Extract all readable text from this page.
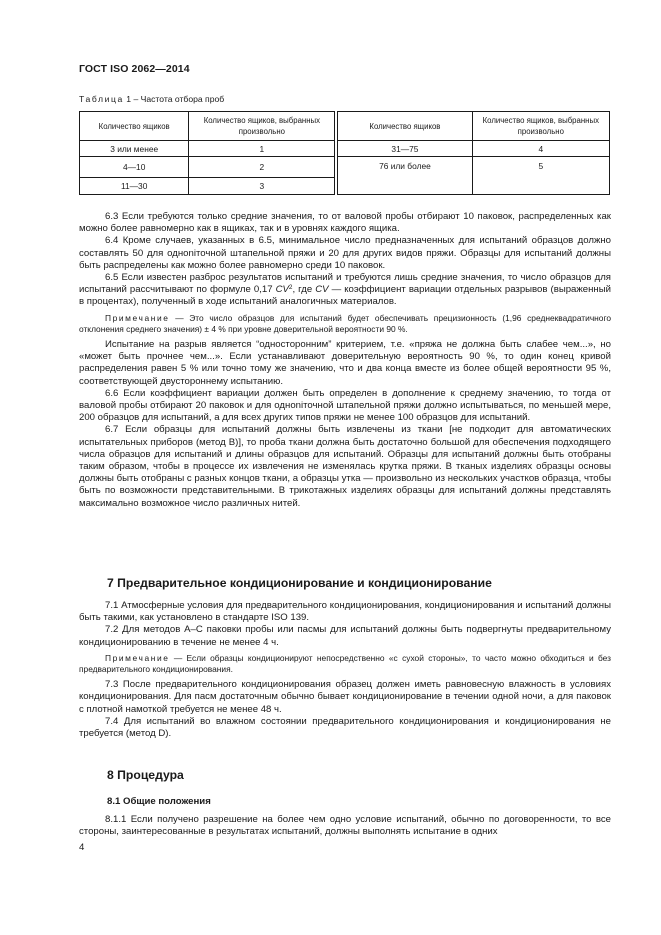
ГОСТ ISO 2062—2014
Таблица 1 – Частота отбора проб
Количество ящиков	Количество ящиков, выбранных произвольно		Количество ящиков	Количество ящиков, выбранных произвольно
3 или менее	1		31—75	4
4—10	2		76 или более	5
11—30	3			

6.3 Если требуются только средние значения, то от валовой пробы отбирают 10 паковок, распределенных как можно более равномерно как в ящиках, так и в уровнях каждого ящика.

6.4 Кроме случаев, указанных в 6.5, минимальное число предназначенных для испытаний образцов должно составлять 50 для одноniточной штапельной пряжи и 20 для других видов пряжи. Образцы для испытаний должны быть распределены как можно более равномерно среди 10 паковок.

6.5 Если известен разброс результатов испытаний и требуются лишь средние значения, то число образцов для испытаний рассчитывают по формуле 0,17 $CV^2$, где CV — коэффициент вариации отдельных разрывов (выраженный в процентах), полученный в ходе испытаний аналогичных материалов.

Примечание — Это число образцов для испытаний будет обеспечивать прецизионность (1,96 среднеквадратичного отклонения среднего значения) ± 4 % при уровне доверительной вероятности 90 %.

Испытание на разрыв является “односторонним” критерием, т.е. «пряжа не должна быть слабее чем...», но «может быть прочнее чем...». Если устанавливают доверительную вероятность 90 %, то один конец кривой распределения равен 5 % или точно тому же значению, что и два конца вместе из более общей вероятности 95 %, соответствующей двустороннему испытанию.

6.6 Если коэффициент вариации должен быть определен в дополнение к среднему значению, то тогда от валовой пробы отбирают 20 паковок и для одноniточной штапельной пряжи должно испытываться, по меньшей мере, 200 образцов для испытаний, а для всех других типов пряжи не менее 100 образцов для испытаний.

6.7 Если образцы для испытаний должны быть извлечены из ткани [не подходит для автоматических испытательных приборов (метод В)], то проба ткани должна быть достаточно большой для обеспечения подходящего числа образцов для испытаний и длины образцов для испытаний. Образцы для испытаний должны быть отобраны таким образом, чтобы в процессе их извлечения не изменялась крутка пряжи. В тканых изделиях образцы основы должны быть отобраны с разных концов ткани, а образцы утка — произвольно из нескольких участков образца, чтобы быть по возможности представительными. В трикотажных изделиях образцы для испытаний должны представлять максимально возможное число различных нитей.

7 Предварительное кондиционирование и кондиционирование

7.1 Атмосферные условия для предварительного кондиционирования, кондиционирования и испытаний должны быть такими, как установлено в стандарте ISO 139.

7.2 Для методов А–С паковки пробы или пасмы для испытаний должны быть подвергнуты предварительному кондиционированию в течение не менее 4 ч.

Примечание — Если образцы кондиционируют непосредственно «с сухой стороны», то часто можно обходиться и без предварительного кондиционирования.

7.3 После предварительного кондиционирования образец должен иметь равновесную влажность в условиях кондиционирования. Для пасм достаточным обычно бывает кондиционирование в течении одной ночи, а для паковок с плотной намоткой требуется не менее 48 ч.

7.4 Для испытаний во влажном состоянии предварительного кондиционирования и кондиционирования не требуется (метод D).

8 Процедура
8.1 Общие положения

8.1.1 Если получено разрешение на более чем одно условие испытаний, обычно по договоренности, то все стороны, заинтересованные в результатах испытаний, должны выполнять испытание в одних

4
